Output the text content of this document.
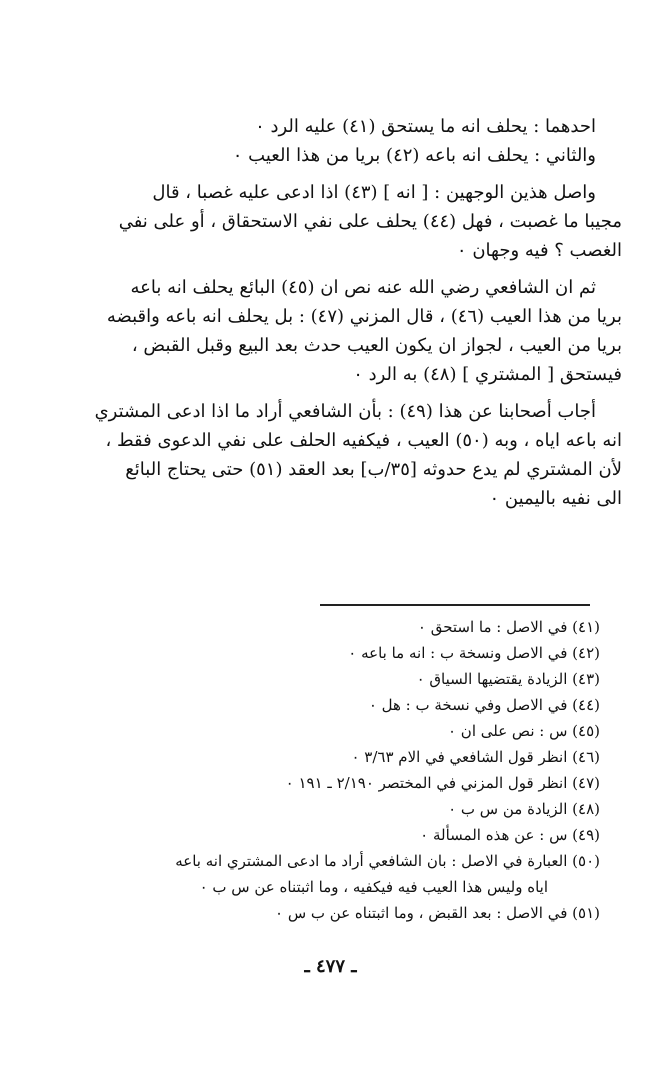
احدهما : يحلف انه ما يستحق (٤١) عليه الرد ٠
والثاني : يحلف انه باعه (٤٢) بريا من هذا العيب ٠
واصل هذين الوجهين : [ انه ] (٤٣) اذا ادعى عليه غصبا ، قال
مجيبا ما غصبت ، فهل (٤٤) يحلف على نفي الاستحقاق ، أو على نفي
الغصب ؟ فيه وجهان ٠
ثم ان الشافعي رضي الله عنه نص ان (٤٥) البائع يحلف انه باعه
بريا من هذا العيب (٤٦) ، قال المزني (٤٧) : بل يحلف انه باعه واقبضه
بريا من العيب ، لجواز ان يكون العيب حدث بعد البيع وقبل القبض ،
فيستحق [ المشتري ] (٤٨) به الرد ٠
أجاب أصحابنا عن هذا (٤٩) : بأن الشافعي أراد ما اذا ادعى المشتري
انه باعه اياه ، وبه (٥٠) العيب ، فيكفيه الحلف على نفي الدعوى فقط ،
لأن المشتري لم يدع حدوثه [٣٥/ب] بعد العقد (٥١) حتى يحتاج البائع
الى نفيه باليمين ٠
(٤١) في الاصل : ما استحق ٠
(٤٢) في الاصل ونسخة ب : انه ما باعه ٠
(٤٣) الزيادة يقتضيها السياق ٠
(٤٤) في الاصل وفي نسخة ب : هل ٠
(٤٥) س : نص على ان ٠
(٤٦) انظر قول الشافعي في الام ٣/٦٣ ٠
(٤٧) انظر قول المزني في المختصر ٢/١٩٠ ـ ١٩١ ٠
(٤٨) الزيادة من س ب ٠
(٤٩) س : عن هذه المسألة ٠
(٥٠) العبارة في الاصل : بان الشافعي أراد ما ادعى المشتري انه باعه
اياه وليس هذا العيب فيه فيكفيه ، وما اثبتناه عن س ب ٠
(٥١) في الاصل : بعد القبض ، وما اثبتناه عن ب س ٠
ـ ٤٧٧ ـ
